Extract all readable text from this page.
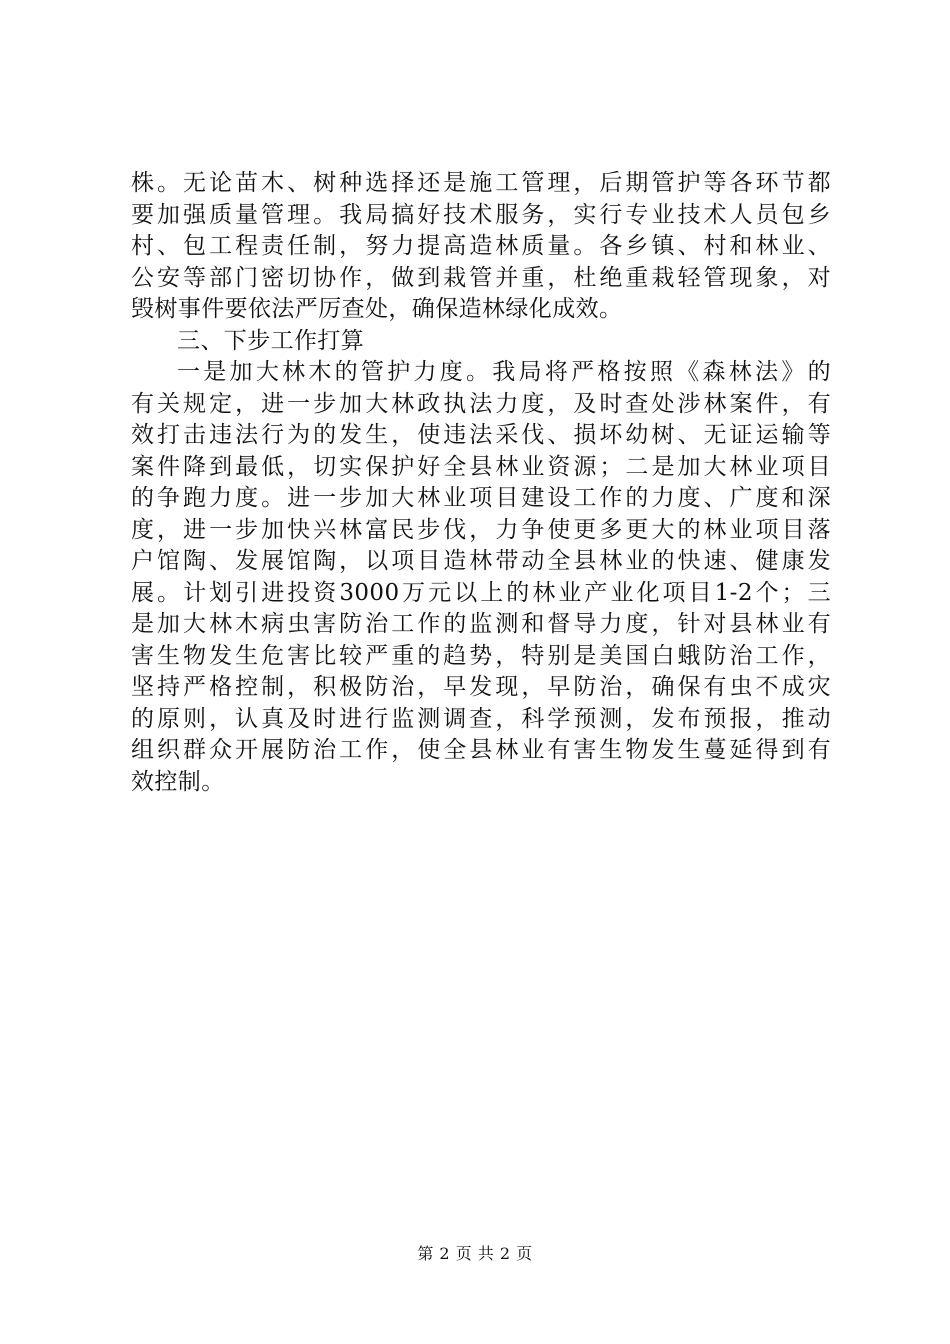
株。无论苗木、树种选择还是施工管理，后期管护等各环节都
要加强质量管理。我局搞好技术服务，实行专业技术人员包乡
村、包工程责任制，努力提高造林质量。各乡镇、村和林业、
公安等部门密切协作，做到栽管并重，杜绝重栽轻管现象，对
毁树事件要依法严厉查处，确保造林绿化成效。
三、下步工作打算
一是加大林木的管护力度。我局将严格按照《森林法》的
有关规定，进一步加大林政执法力度，及时查处涉林案件，有
效打击违法行为的发生，使违法采伐、损坏幼树、无证运输等
案件降到最低，切实保护好全县林业资源；二是加大林业项目
的争跑力度。进一步加大林业项目建设工作的力度、广度和深
度，进一步加快兴林富民步伐，力争使更多更大的林业项目落
户馆陶、发展馆陶，以项目造林带动全县林业的快速、健康发
展。计划引进投资3000万元以上的林业产业化项目1-2个；三
是加大林木病虫害防治工作的监测和督导力度，针对县林业有
害生物发生危害比较严重的趋势，特别是美国白蛾防治工作，
坚持严格控制，积极防治，早发现，早防治，确保有虫不成灾
的原则，认真及时进行监测调查，科学预测，发布预报，推动
组织群众开展防治工作，使全县林业有害生物发生蔓延得到有
效控制。
第 2 页 共 2 页
